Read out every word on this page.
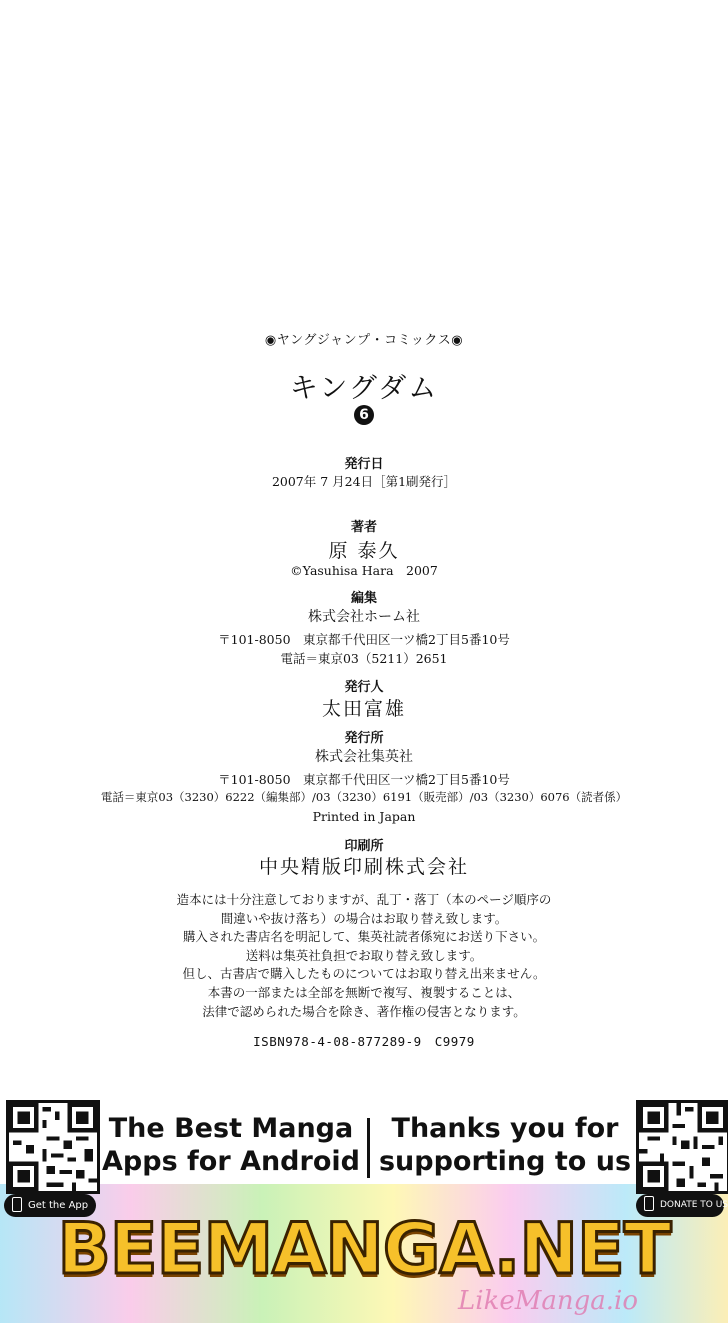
◉ヤングジャンプ・コミックス◉
キングダム
6
発行日
2007年 7 月24日［第1刷発行］
著者
原 泰久
©Yasuhisa Hara　2007
編集
株式会社ホーム社
〒101-8050　東京都千代田区一ツ橋2丁目5番10号
電話＝東京03（5211）2651
発行人
太田富雄
発行所
株式会社集英社
〒101-8050　東京都千代田区一ツ橋2丁目5番10号
電話＝東京03（3230）6222（編集部）/03（3230）6191（販売部）/03（3230）6076（読者係）
Printed in Japan
印刷所
中央精版印刷株式会社
造本には十分注意しておりますが、乱丁・落丁（本のページ順序の
間違いや抜け落ち）の場合はお取り替え致します。
購入された書店名を明記して、集英社読者係宛にお送り下さい。
送料は集英社負担でお取り替え致します。
但し、古書店で購入したものについてはお取り替え出来ません。
本書の一部または全部を無断で複写、複製することは、
法律で認められた場合を除き、著作権の侵害となります。
ISBN978-4-08-877289-9　C9979
Get the App
The Best Manga
Apps for Android
Thanks you for
supporting to us
DONATE TO US
BEEMANGA.NET
LikeManga.io
